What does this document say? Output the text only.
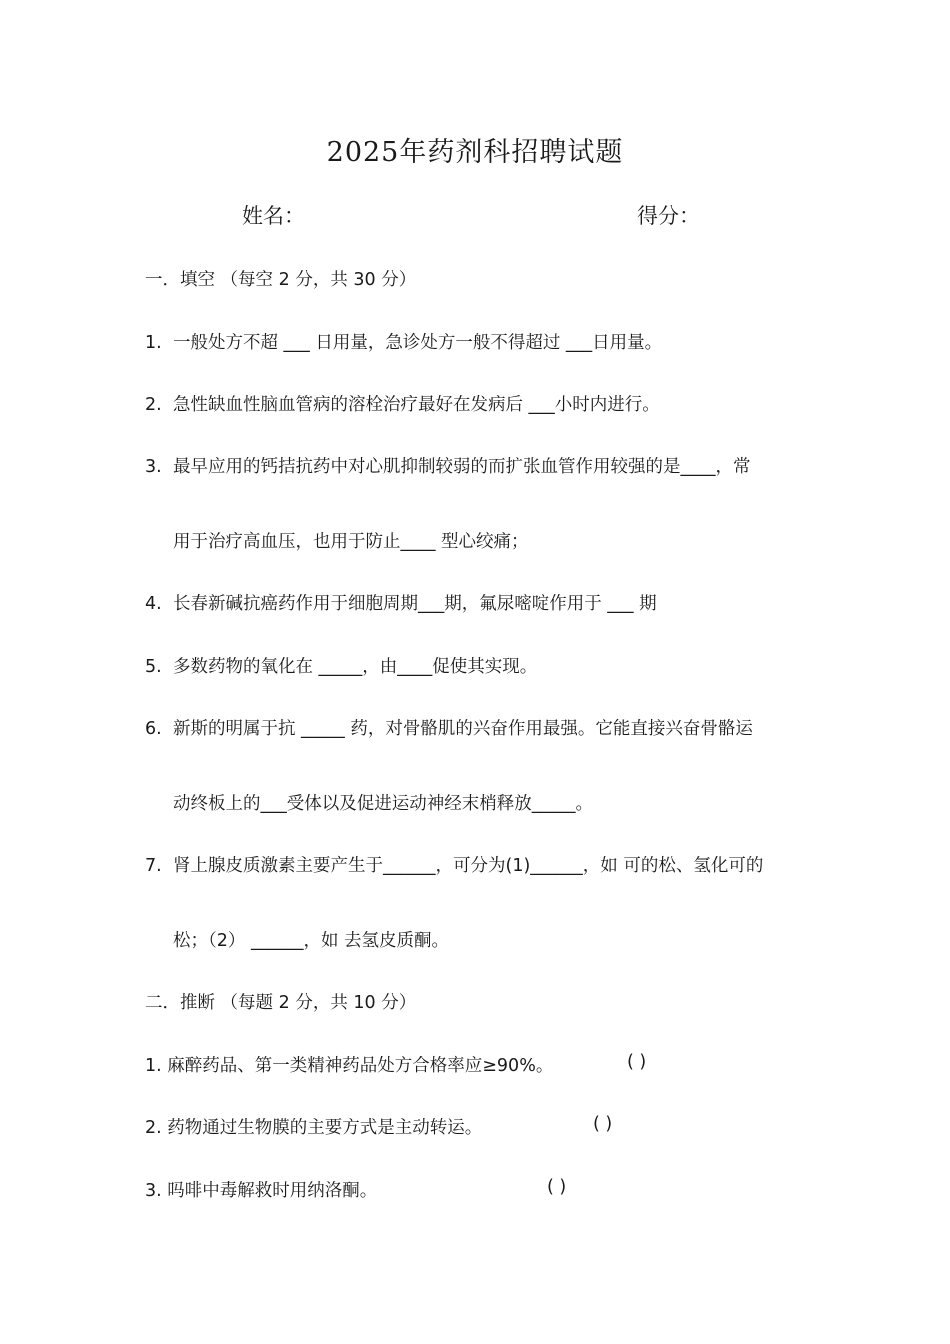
2025年药剂科招聘试题
姓名：	得分：
一．填空 （每空 2 分，共 30 分）
1. 一般处方不超 ___ 日用量，急诊处方一般不得超过 ___日用量。
2. 急性缺血性脑血管病的溶栓治疗最好在发病后 ___小时内进行。
3. 最早应用的钙拮抗药中对心肌抑制较弱的而扩张血管作用较强的是____，常
用于治疗高血压，也用于防止____ 型心绞痛；
4. 长春新碱抗癌药作用于细胞周期___期，氟尿嘧啶作用于 ___ 期
5. 多数药物的氧化在 _____，由____促使其实现。
6. 新斯的明属于抗 _____ 药，对骨骼肌的兴奋作用最强。它能直接兴奋骨骼运
动终板上的___受体以及促进运动神经末梢释放_____。
7. 肾上腺皮质激素主要产生于______，可分为(1)______，如 可的松、氢化可的
松；（2） ______，如 去氢皮质酮。
二．推断 （每题 2 分，共 10 分）
1. 麻醉药品、第一类精神药品处方合格率应≥90%。	( )
2. 药物通过生物膜的主要方式是主动转运。	( )
3. 吗啡中毒解救时用纳洛酮。	( )
